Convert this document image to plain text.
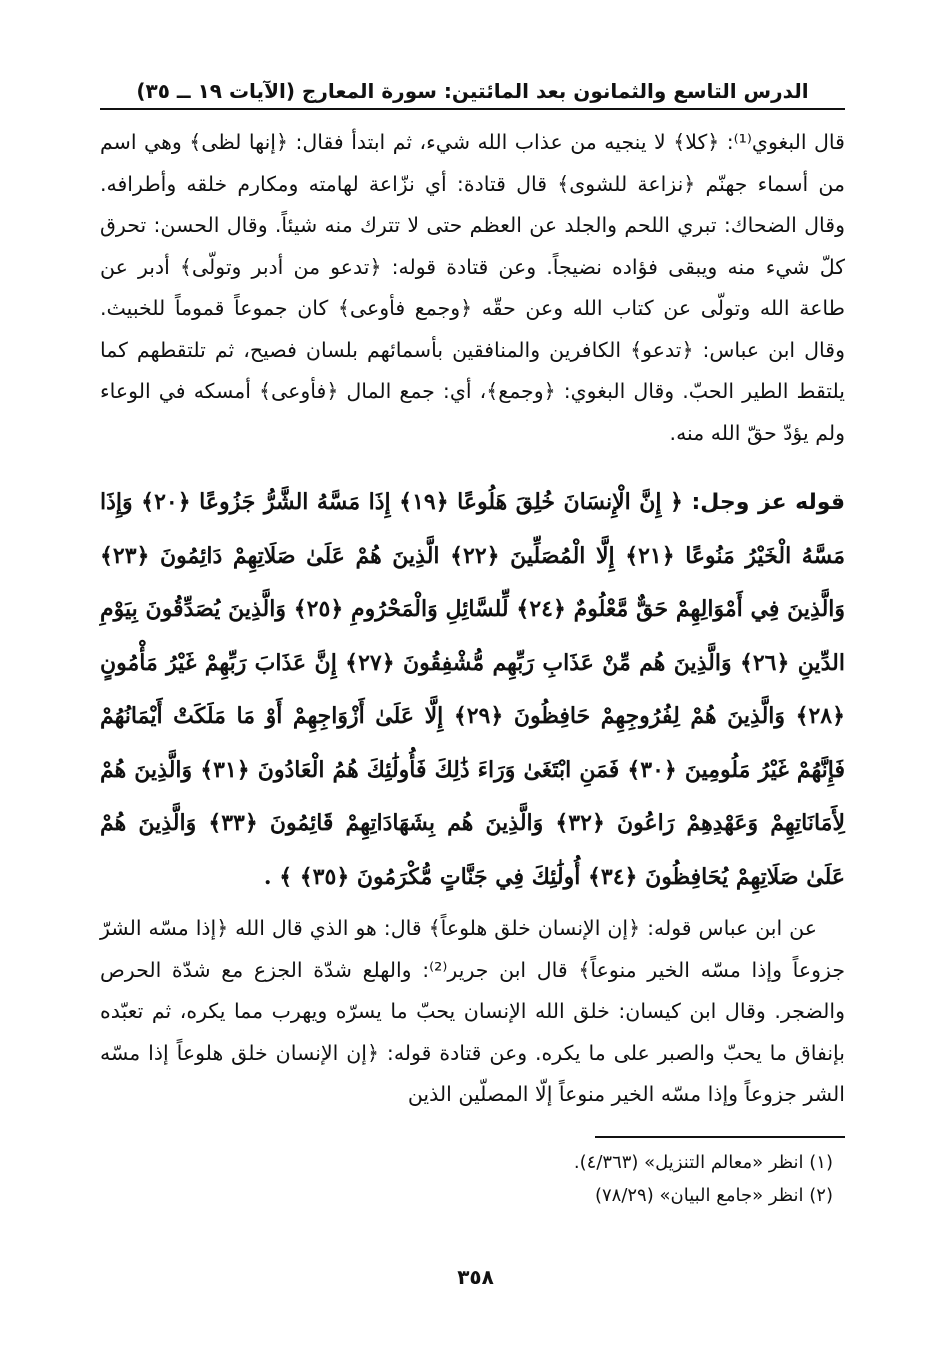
الدرس التاسع والثمانون بعد المائتين: سورة المعارج (الآيات ١٩ ــ ٣٥)

قال البغوي⁽¹⁾: ﴿كلا﴾ لا ينجيه من عذاب الله شيء، ثم ابتدأ فقال: ﴿إنها لظى﴾ وهي اسم من أسماء جهنّم ﴿نزاعة للشوى﴾ قال قتادة: أي نزّاعة لهامته ومكارم خلقه وأطرافه. وقال الضحاك: تبري اللحم والجلد عن العظم حتى لا تترك منه شيئاً. وقال الحسن: تحرق كلّ شيء منه ويبقى فؤاده نضيجاً. وعن قتادة قوله: ﴿تدعو من أدبر وتولّى﴾ أدبر عن طاعة الله وتولّى عن كتاب الله وعن حقّه ﴿وجمع فأوعى﴾ كان جموعاً قموماً للخبيث. وقال ابن عباس: ﴿تدعو﴾ الكافرين والمنافقين بأسمائهم بلسان فصيح، ثم تلتقطهم كما يلتقط الطير الحبّ. وقال البغوي: ﴿وجمع﴾، أي: جمع المال ﴿فأوعى﴾ أمسكه في الوعاء ولم يؤدّ حقّ الله منه.

قوله عز وجل: ﴿ إِنَّ الْإِنسَانَ خُلِقَ هَلُوعًا ﴿١٩﴾ إِذَا مَسَّهُ الشَّرُّ جَزُوعًا ﴿٢٠﴾ وَإِذَا مَسَّهُ الْخَيْرُ مَنُوعًا ﴿٢١﴾ إِلَّا الْمُصَلِّينَ ﴿٢٢﴾ الَّذِينَ هُمْ عَلَىٰ صَلَاتِهِمْ دَائِمُونَ ﴿٢٣﴾ وَالَّذِينَ فِي أَمْوَالِهِمْ حَقٌّ مَّعْلُومٌ ﴿٢٤﴾ لِّلسَّائِلِ وَالْمَحْرُومِ ﴿٢٥﴾ وَالَّذِينَ يُصَدِّقُونَ بِيَوْمِ الدِّينِ ﴿٢٦﴾ وَالَّذِينَ هُم مِّنْ عَذَابِ رَبِّهِم مُّشْفِقُونَ ﴿٢٧﴾ إِنَّ عَذَابَ رَبِّهِمْ غَيْرُ مَأْمُونٍ ﴿٢٨﴾ وَالَّذِينَ هُمْ لِفُرُوجِهِمْ حَافِظُونَ ﴿٢٩﴾ إِلَّا عَلَىٰ أَزْوَاجِهِمْ أَوْ مَا مَلَكَتْ أَيْمَانُهُمْ فَإِنَّهُمْ غَيْرُ مَلُومِينَ ﴿٣٠﴾ فَمَنِ ابْتَغَىٰ وَرَاءَ ذَٰلِكَ فَأُولَٰئِكَ هُمُ الْعَادُونَ ﴿٣١﴾ وَالَّذِينَ هُمْ لِأَمَانَاتِهِمْ وَعَهْدِهِمْ رَاعُونَ ﴿٣٢﴾ وَالَّذِينَ هُم بِشَهَادَاتِهِمْ قَائِمُونَ ﴿٣٣﴾ وَالَّذِينَ هُمْ عَلَىٰ صَلَاتِهِمْ يُحَافِظُونَ ﴿٣٤﴾ أُولَٰئِكَ فِي جَنَّاتٍ مُّكْرَمُونَ ﴿٣٥﴾ ﴾ .

عن ابن عباس قوله: ﴿إن الإنسان خلق هلوعاً﴾ قال: هو الذي قال الله ﴿إذا مسّه الشرّ جزوعاً وإذا مسّه الخير منوعاً﴾ قال ابن جرير⁽²⁾: والهلع شدّة الجزع مع شدّة الحرص والضجر. وقال ابن كيسان: خلق الله الإنسان يحبّ ما يسرّه ويهرب مما يكره، ثم تعبّده بإنفاق ما يحبّ والصبر على ما يكره. وعن قتادة قوله: ﴿إن الإنسان خلق هلوعاً إذا مسّه الشر جزوعاً وإذا مسّه الخير منوعاً إلّا المصلّين الذين

(١) انظر «معالم التنزيل» (٤/٣٦٣).
(٢) انظر «جامع البيان» (٧٨/٢٩)
٣٥٨
